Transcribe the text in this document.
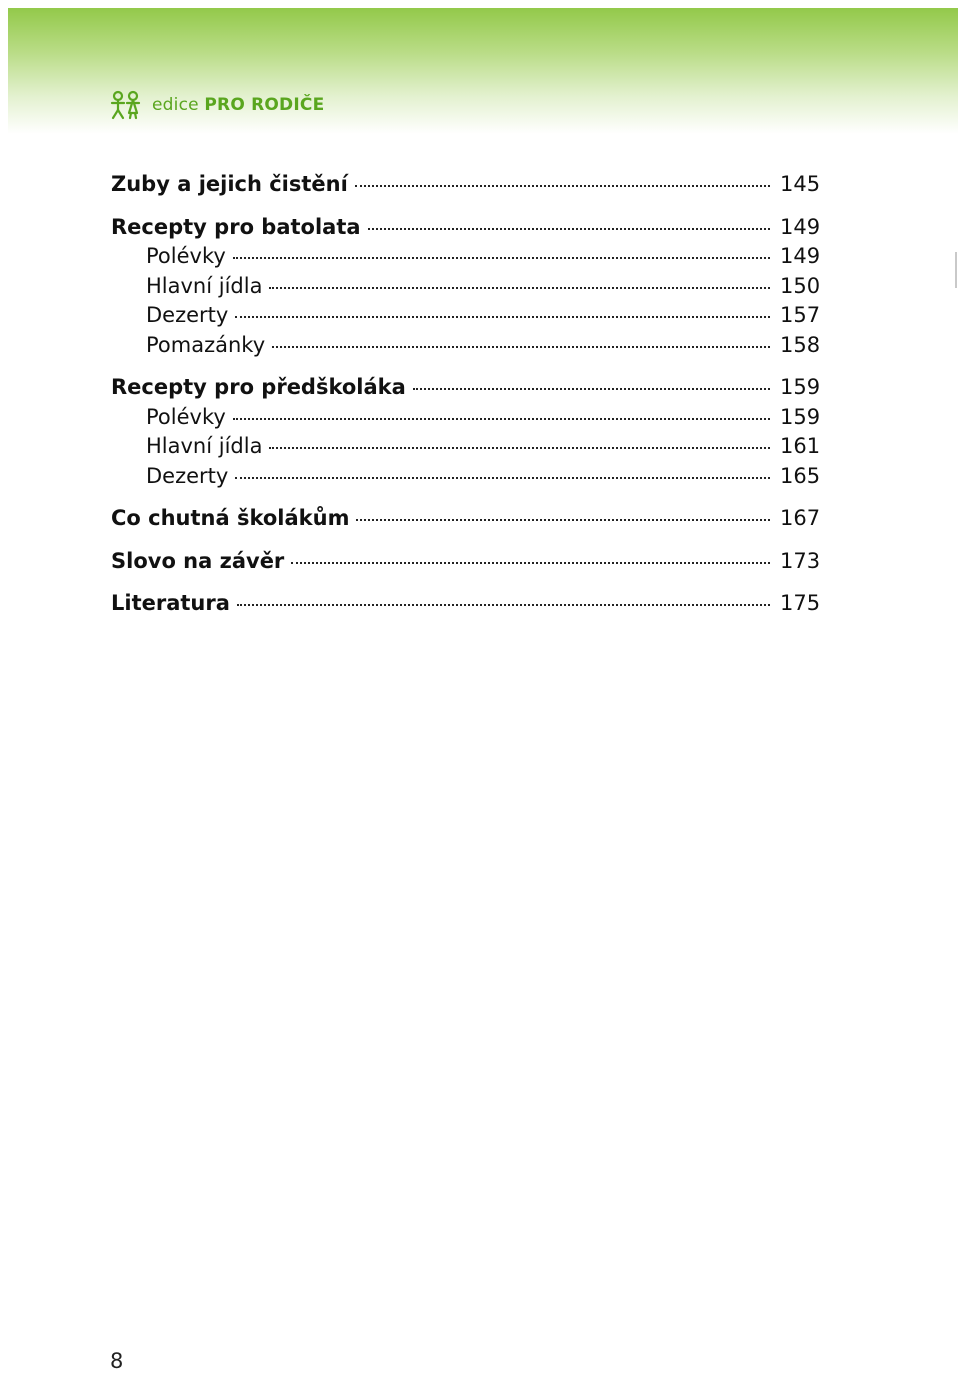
edice PRO RODIČE
Zuby a jejich čistění	145
Recepty pro batolata	149
Polévky	149
Hlavní jídla	150
Dezerty	157
Pomazánky	158
Recepty pro předškoláka	159
Polévky	159
Hlavní jídla	161
Dezerty	165
Co chutná školákům	167
Slovo na závěr	173
Literatura	175
8
